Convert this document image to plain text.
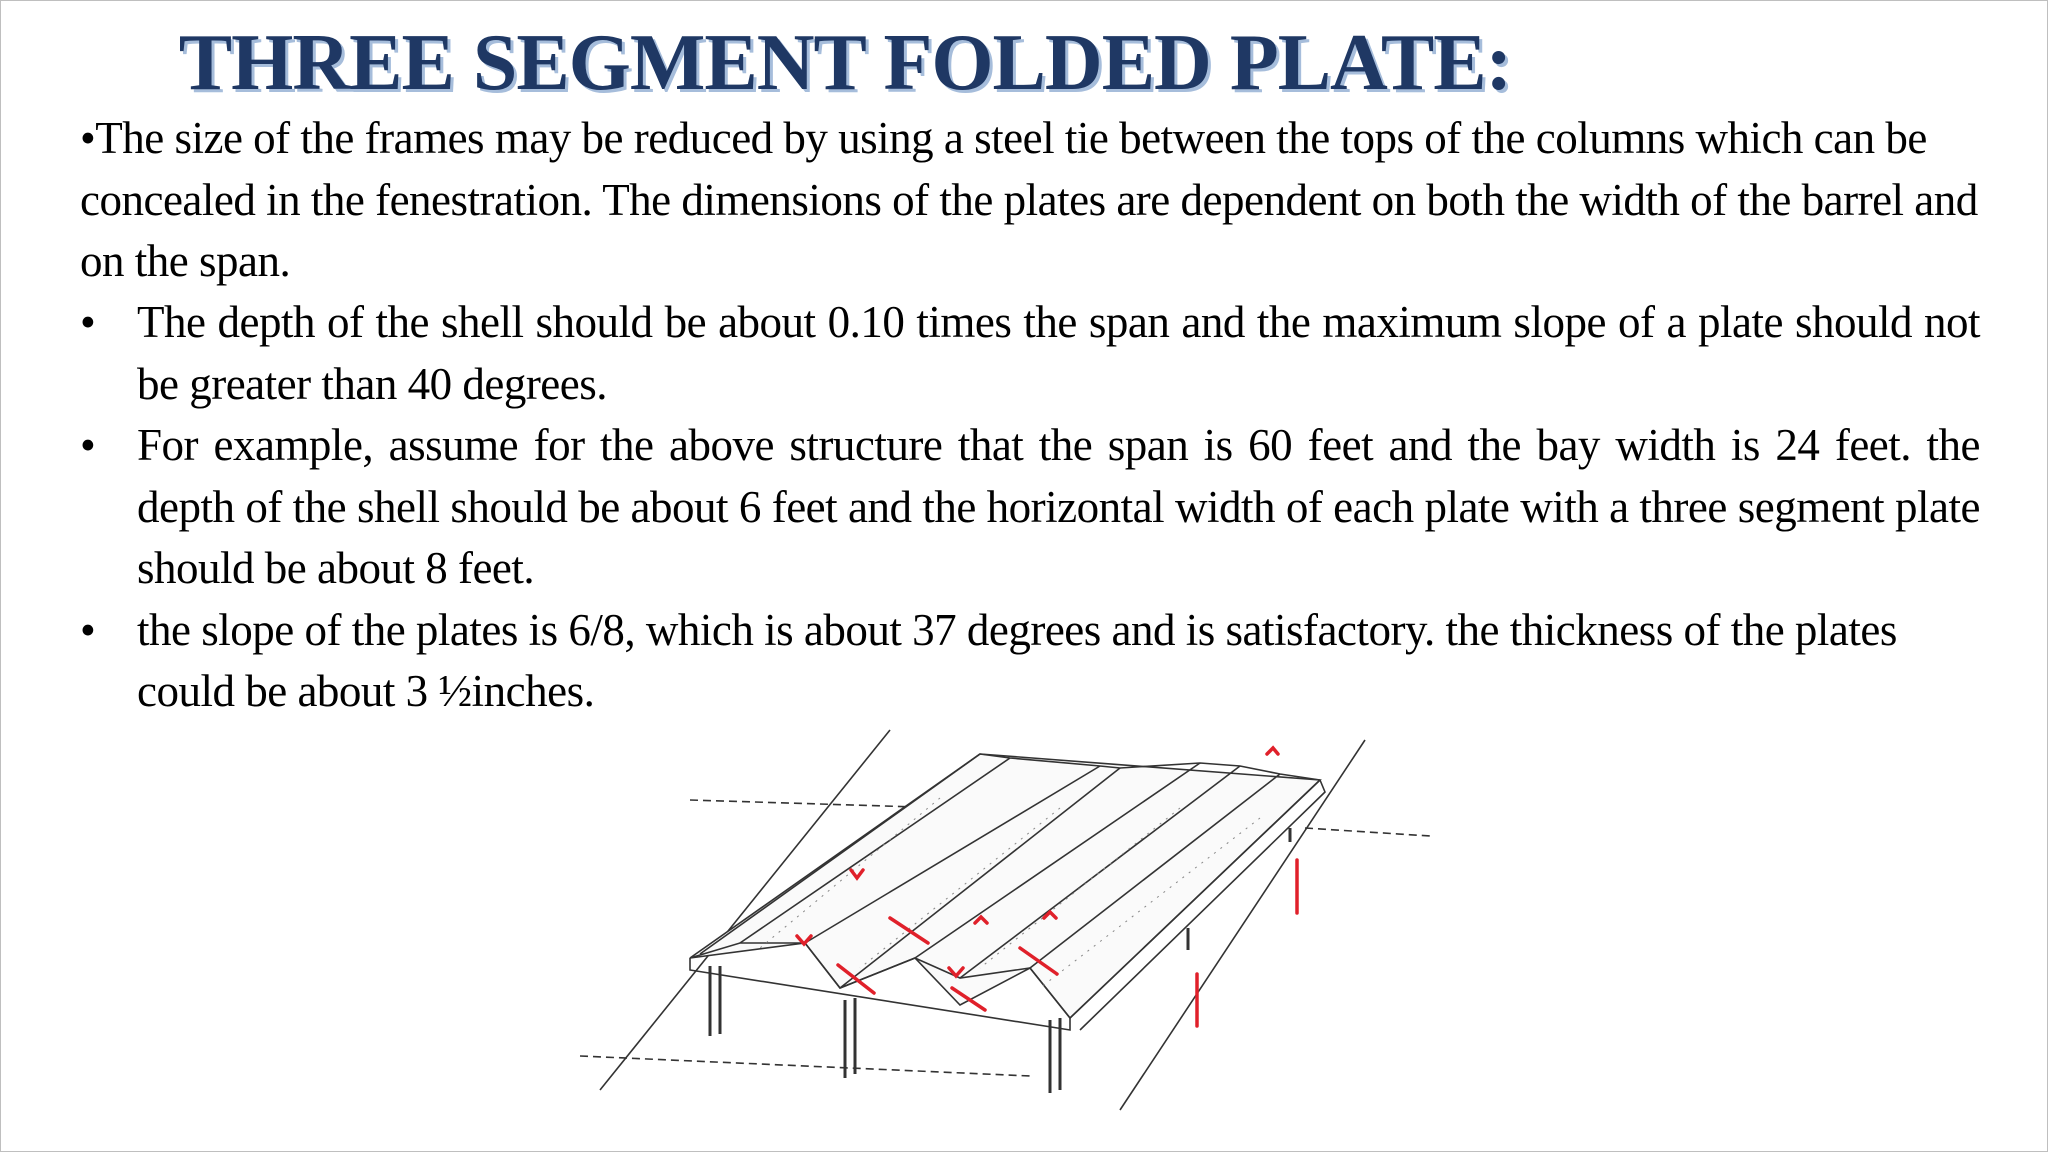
THREE SEGMENT FOLDED PLATE:
•The size of the frames may be reduced by using a steel tie between the tops of the columns which can be concealed in the fenestration. The dimensions of the plates are dependent on both the width of the barrel and on the span.
• The depth of the shell should be about 0.10 times the span and the maximum slope of a plate should not be greater than 40 degrees.
• For example, assume for the above structure that the span is 60 feet and the bay width is 24 feet. the depth of the shell should be about 6 feet and the horizontal width of each plate with a three segment plate should be about 8 feet.
• the slope of the plates is 6/8, which is about 37 degrees and is satisfactory. the thickness of the plates could be about 3 ½inches.
